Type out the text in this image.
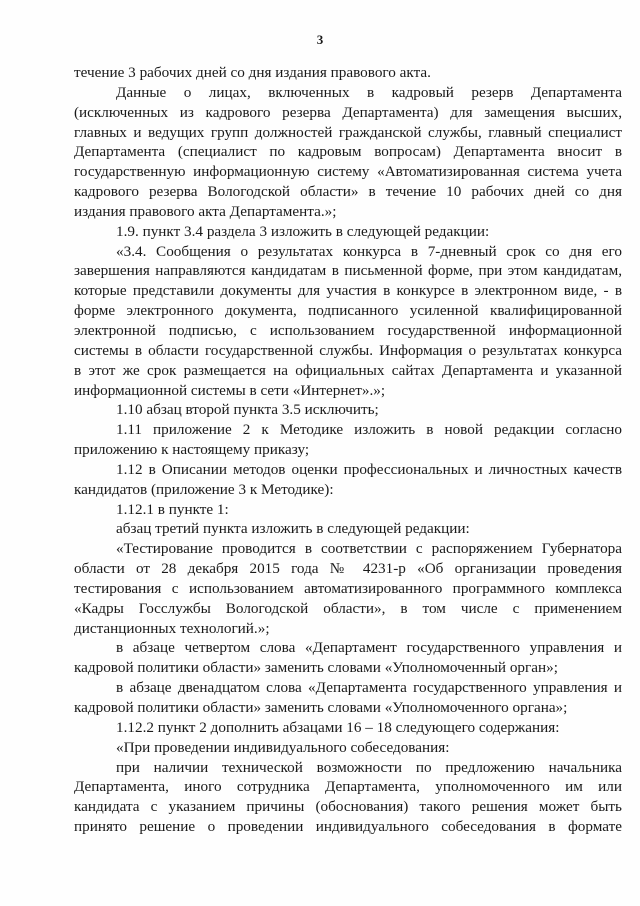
3
течение 3 рабочих дней со дня издания правового акта.
Данные о лицах, включенных в кадровый резерв Департамента
(исключенных из кадрового резерва Департамента) для замещения высших,
главных и ведущих групп должностей гражданской службы, главный специалист
Департамента (специалист по кадровым вопросам) Департамента вносит в
государственную информационную систему «Автоматизированная система учета
кадрового резерва Вологодской области» в течение 10 рабочих дней со дня
издания правового акта Департамента.»;
1.9. пункт 3.4 раздела 3 изложить в следующей редакции:
«3.4. Сообщения о результатах конкурса в 7-дневный срок со дня его
завершения направляются кандидатам в письменной форме, при этом кандидатам,
которые представили документы для участия в конкурсе в электронном виде, - в
форме электронного документа, подписанного усиленной квалифицированной
электронной подписью, с использованием государственной информационной
системы в области государственной службы. Информация о результатах конкурса
в этот же срок размещается на официальных сайтах Департамента и указанной
информационной системы в сети «Интернет».»;
1.10 абзац второй пункта 3.5 исключить;
1.11 приложение 2 к Методике изложить в новой редакции согласно
приложению к настоящему приказу;
1.12 в Описании методов оценки профессиональных и личностных качеств
кандидатов (приложение 3 к Методике):
1.12.1 в пункте 1:
абзац третий пункта изложить в следующей редакции:
«Тестирование проводится в соответствии с распоряжением Губернатора
области от 28 декабря 2015 года № 4231-р «Об организации проведения
тестирования с использованием автоматизированного программного комплекса
«Кадры Госслужбы Вологодской области», в том числе с применением
дистанционных технологий.»;
в абзаце четвертом слова «Департамент государственного управления и
кадровой политики области» заменить словами «Уполномоченный орган»;
в абзаце двенадцатом слова «Департамента государственного управления и
кадровой политики области» заменить словами «Уполномоченного органа»;
1.12.2 пункт 2 дополнить абзацами 16 – 18 следующего содержания:
«При проведении индивидуального собеседования:
при наличии технической возможности по предложению начальника
Департамента, иного сотрудника Департамента, уполномоченного им или
кандидата с указанием причины (обоснования) такого решения может быть
принято решение о проведении индивидуального собеседования в формате
